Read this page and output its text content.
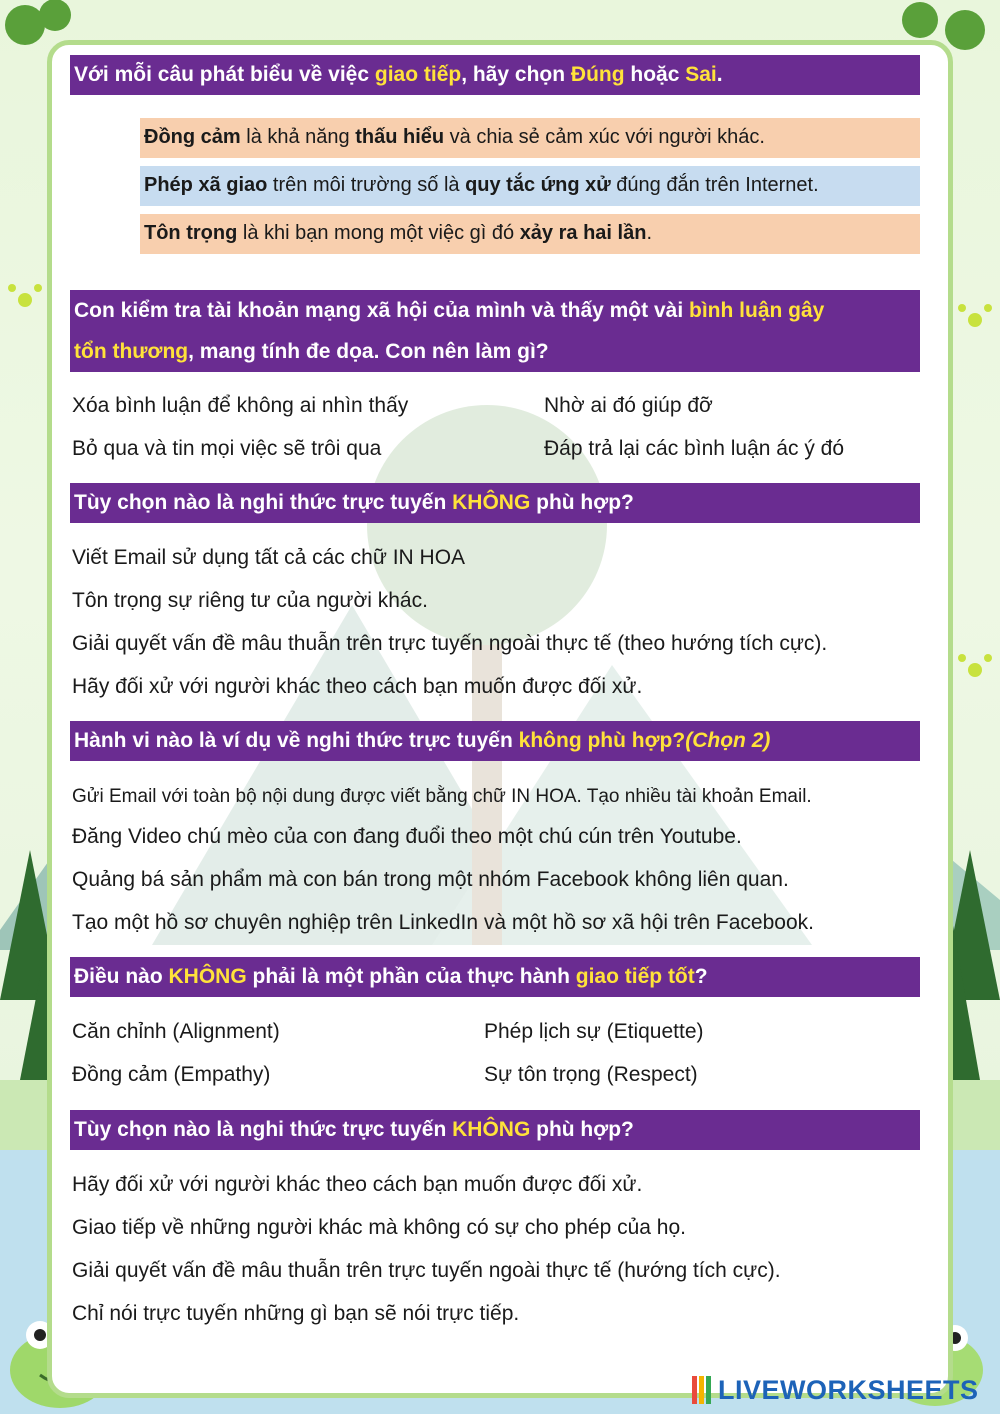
Với mỗi câu phát biểu về việc giao tiếp, hãy chọn Đúng hoặc Sai.
Đồng cảm là khả năng thấu hiểu và chia sẻ cảm xúc với người khác.
Phép xã giao trên môi trường số là quy tắc ứng xử đúng đắn trên Internet.
Tôn trọng là khi bạn mong một việc gì đó xảy ra hai lần.
Con kiểm tra tài khoản mạng xã hội của mình và thấy một vài bình luận gây
tổn thương, mang tính đe dọa. Con nên làm gì?
Xóa bình luận để không ai nhìn thấy	Nhờ ai đó giúp đỡ
Bỏ qua và tin mọi việc sẽ trôi qua	Đáp trả lại các bình luận ác ý đó
Tùy chọn nào là nghi thức trực tuyến KHÔNG phù hợp?
Viết Email sử dụng tất cả các chữ IN HOA
Tôn trọng sự riêng tư của người khác.
Giải quyết vấn đề mâu thuẫn trên trực tuyến ngoài thực tế (theo hướng tích cực).
Hãy đối xử với người khác theo cách bạn muốn được đối xử.
Hành vi nào là ví dụ về nghi thức trực tuyến không phù hợp?(Chọn 2)
Gửi Email với toàn bộ nội dung được viết bằng chữ IN HOA. Tạo nhiều tài khoản Email.
Đăng Video chú mèo của con đang đuổi theo một chú cún trên Youtube.
Quảng bá sản phẩm mà con bán trong một nhóm Facebook không liên quan.
Tạo một hồ sơ chuyên nghiệp trên LinkedIn và một hồ sơ xã hội trên Facebook.
Điều nào KHÔNG phải là một phần của thực hành giao tiếp tốt?
Căn chỉnh (Alignment)	Phép lịch sự (Etiquette)
Đồng cảm (Empathy)	Sự tôn trọng (Respect)
Tùy chọn nào là nghi thức trực tuyến KHÔNG phù hợp?
Hãy đối xử với người khác theo cách bạn muốn được đối xử.
Giao tiếp về những người khác mà không có sự cho phép của họ.
Giải quyết vấn đề mâu thuẫn trên trực tuyến ngoài thực tế (hướng tích cực).
Chỉ nói trực tuyến những gì bạn sẽ nói trực tiếp.
LIVEWORKSHEETS
